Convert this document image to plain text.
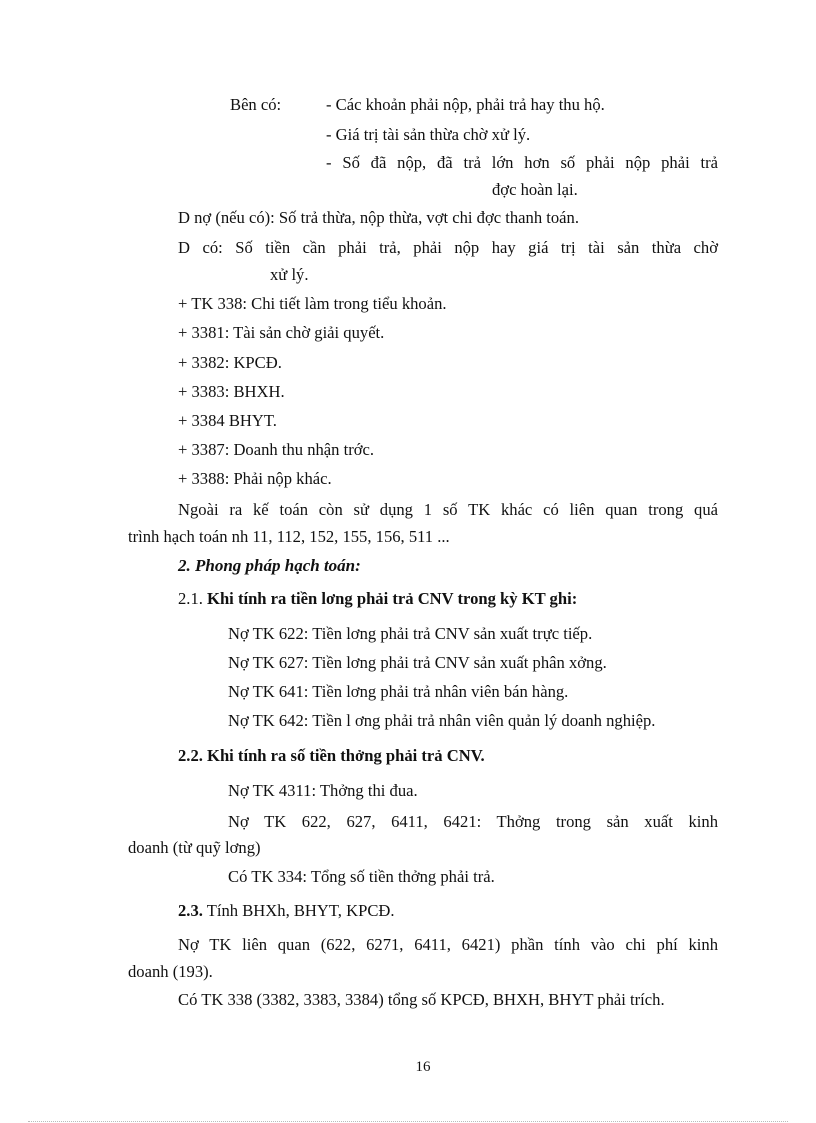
Bên có:	- Các khoản phải nộp, phải trả hay thu hộ.
- Giá trị tài sản thừa chờ xử lý.
- Số đã nộp, đã trả lớn hơn số phải nộp phải trả
đợc hoàn lại.
D nợ (nếu có): Số trả thừa, nộp thừa, vợt chi đợc thanh toán.
D có: Số tiền cần phải trả, phải nộp hay giá trị tài sản thừa chờ
xử lý.
+ TK 338: Chi tiết làm trong tiểu khoản.
+ 3381: Tài sản chờ giải quyết.
+ 3382: KPCĐ.
+ 3383: BHXH.
+ 3384 BHYT.
+ 3387: Doanh thu nhận trớc.
+ 3388: Phải nộp khác.
Ngoài ra kế toán còn sử dụng 1 số TK khác có liên quan trong quá
trình hạch toán nh 11, 112, 152, 155, 156, 511 ...
2. Phong pháp hạch toán:
2.1. Khi tính ra tiền lơng phải trả CNV trong kỳ KT ghi:
Nợ TK 622: Tiền lơng phải trả CNV sản xuất trực tiếp.
Nợ TK 627: Tiền lơng phải trả CNV sản xuất phân xởng.
Nợ TK 641: Tiền lơng phải trả nhân viên bán hàng.
Nợ TK 642: Tiền l ơng phải trả nhân viên quản lý doanh nghiệp.
2.2. Khi tính ra số tiền thởng phải trả CNV.
Nợ TK 4311: Thởng thi đua.
Nợ TK 622, 627, 6411, 6421: Thởng trong sản xuất kinh
doanh (từ quỹ lơng)
Có TK 334: Tổng số tiền thởng phải trả.
2.3. Tính BHXh, BHYT, KPCĐ.
Nợ TK liên quan (622, 6271, 6411, 6421) phần tính vào chi phí kinh
doanh (193).
Có TK 338 (3382, 3383, 3384) tổng số KPCĐ, BHXH, BHYT phải trích.
16
